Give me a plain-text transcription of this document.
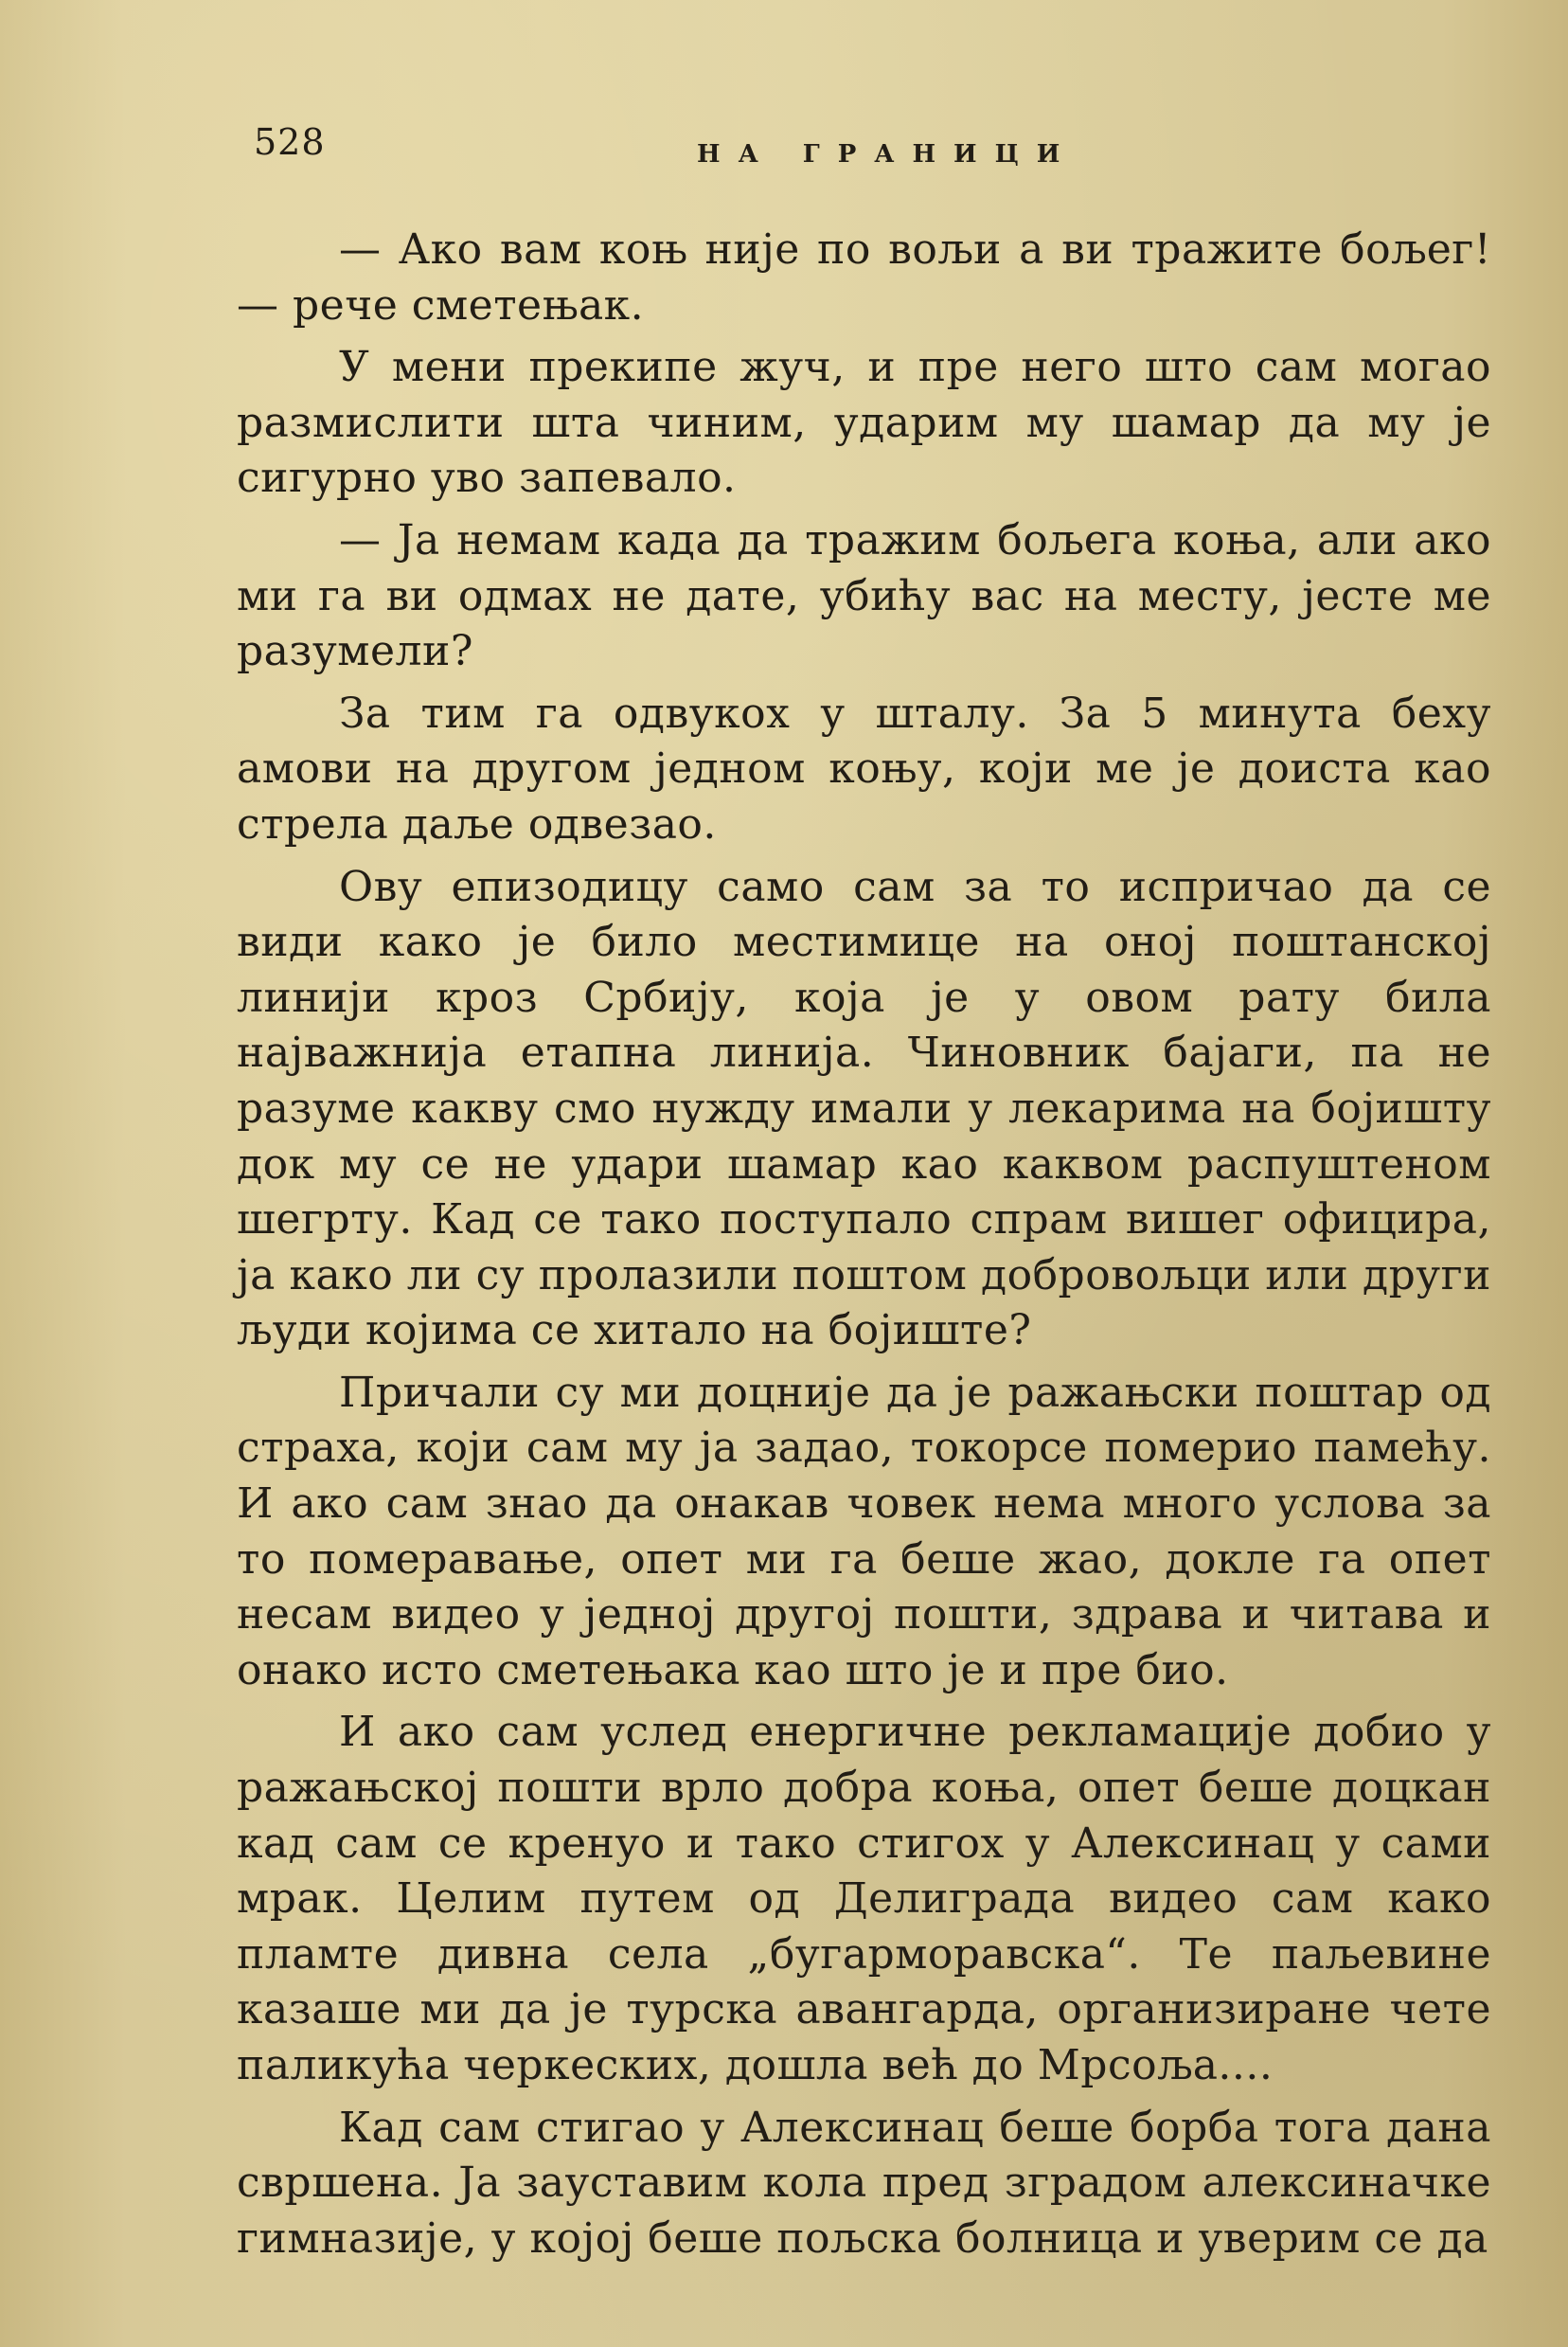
528	НА ГРАНИЦИ

— Ако вам коњ није по вољи а ви тражите бољег! — рече сметењак.

У мени прекипе жуч, и пре него што сам могао размислити шта чиним, ударим му шамар да му је сигурно уво запевало.

— Ја немам када да тражим бољега коња, али ако ми га ви одмах не дате, убићу вас на месту, јесте ме разумели?

За тим га одвукох у шталу. За 5 минута беху амови на другом једном коњу, који ме је доиста као стрела даље одвезао.

Ову епизодицу само сам за то испричао да се види како је било местимице на оној поштанској линији кроз Србију, која је у овом рату била најважнија етапна линија. Чиновник бајаги, па не разуме какву смо нужду имали у лекарима на бојишту док му се не удари шамар као каквом распуштеном шегрту. Кад се тако поступало спрам вишег официра, ја како ли су пролазили поштом добровољци или други људи којима се хитало на бојиште?

Причали су ми доцније да је ражањски поштар од страха, који сам му ја задао, токорсе померио памећу. И ако сам знао да онакав човек нема много услова за то померавање, опет ми га беше жао, докле га опет несам видео у једној другој пошти, здрава и читава и онако исто сметењака као што је и пре био.

И ако сам услед енергичне рекламације добио у ражањској пошти врло добра коња, опет беше доцкан кад сам се кренуо и тако стигох у Алексинац у сами мрак. Целим путем од Делиграда видео сам како пламте дивна села „бугарморавска“. Те паљевине казаше ми да је турска авангарда, организиране чете паликућа черкеских, дошла већ до Мрсоља....

Кад сам стигао у Алексинац беше борба тога дана свршена. Ја зауставим кола пред зградом алексиначке гимназије, у којој беше пољска болница и уверим се да
